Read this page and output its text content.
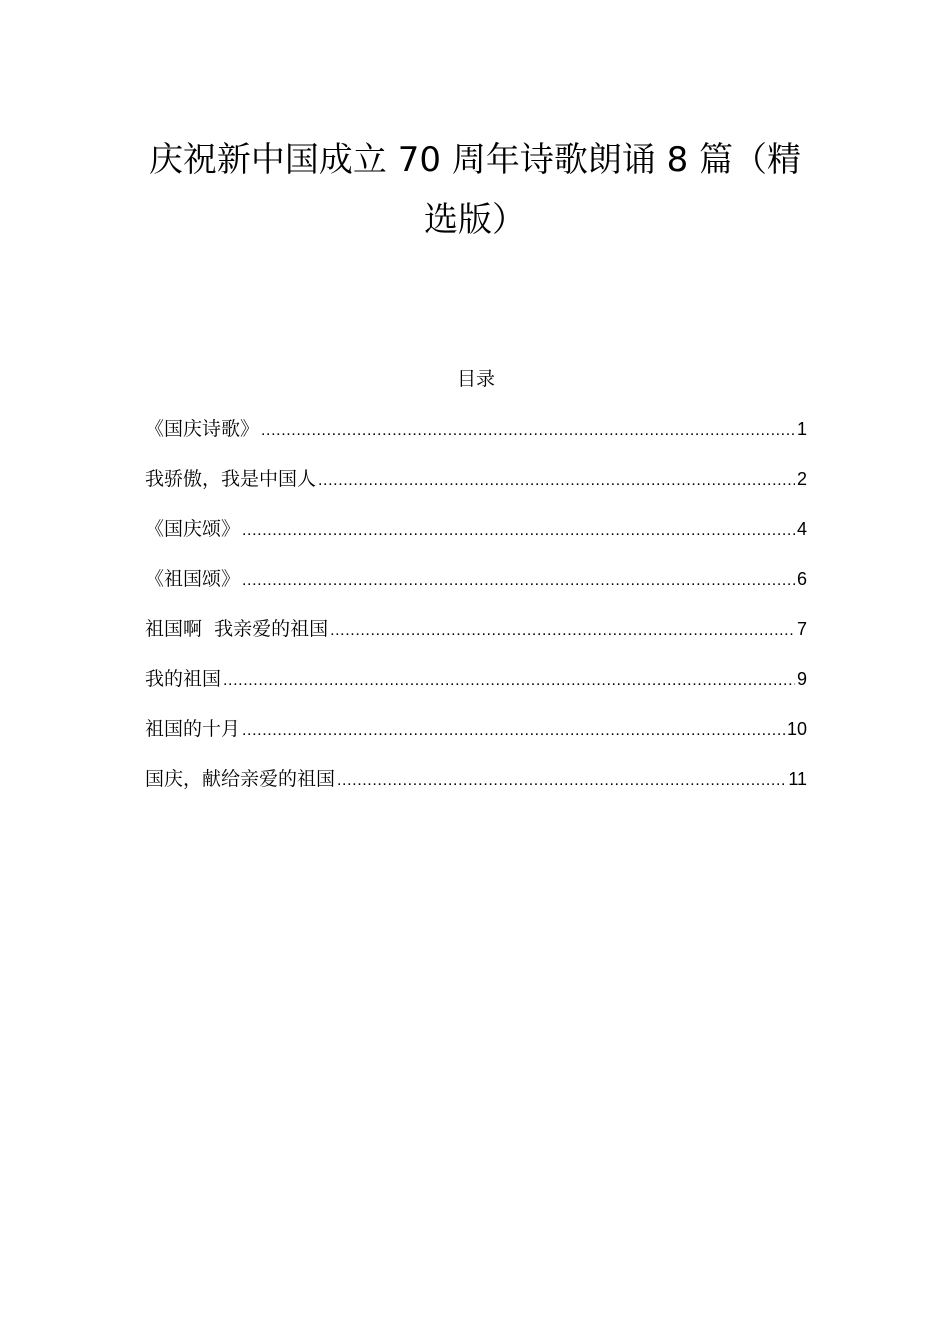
庆祝新中国成立 70 周年诗歌朗诵 8 篇（精选版）
目录
《国庆诗歌》 .....	1
我骄傲，我是中国人 .....	2
《国庆颂》 .....	4
《祖国颂》 .....	6
祖国啊  我亲爱的祖国 .....	7
我的祖国 .....	9
祖国的十月 .....	10
国庆，献给亲爱的祖国 .....	11
